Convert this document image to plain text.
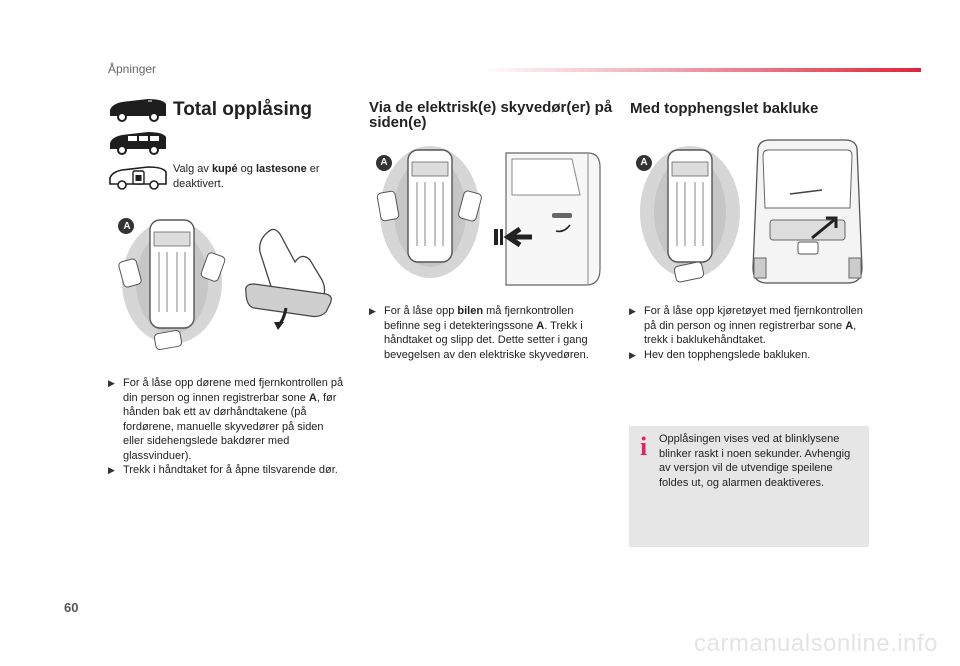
Åpninger
Total opplåsing
Valg av kupé og lastesone er deaktivert.
A
▶ For å låse opp dørene med fjernkontrollen på din person og innen registrerbar sone A, før hånden bak ett av dørhåndtakene (på fordørene, manuelle skyvedører på siden eller sidehengslede bakdører med glassvinduer).
▶ Trekk i håndtaket for å åpne tilsvarende dør.
Via de elektrisk(e) skyvedør(er) på siden(e)
A
▶ For å låse opp bilen må fjernkontrollen befinne seg i detekteringssone A. Trekk i håndtaket og slipp det. Dette setter i gang bevegelsen av den elektriske skyvedøren.
Med topphengslet bakluke
A
▶ For å låse opp kjøretøyet med fjernkontrollen på din person og innen registrerbar sone A, trekk i baklukehåndtaket.
▶ Hev den topphengslede bakluken.
i Opplåsingen vises ved at blinklysene blinker raskt i noen sekunder. Avhengig av versjon vil de utvendige speilene foldes ut, og alarmen deaktiveres.
60
carmanualsonline.info
